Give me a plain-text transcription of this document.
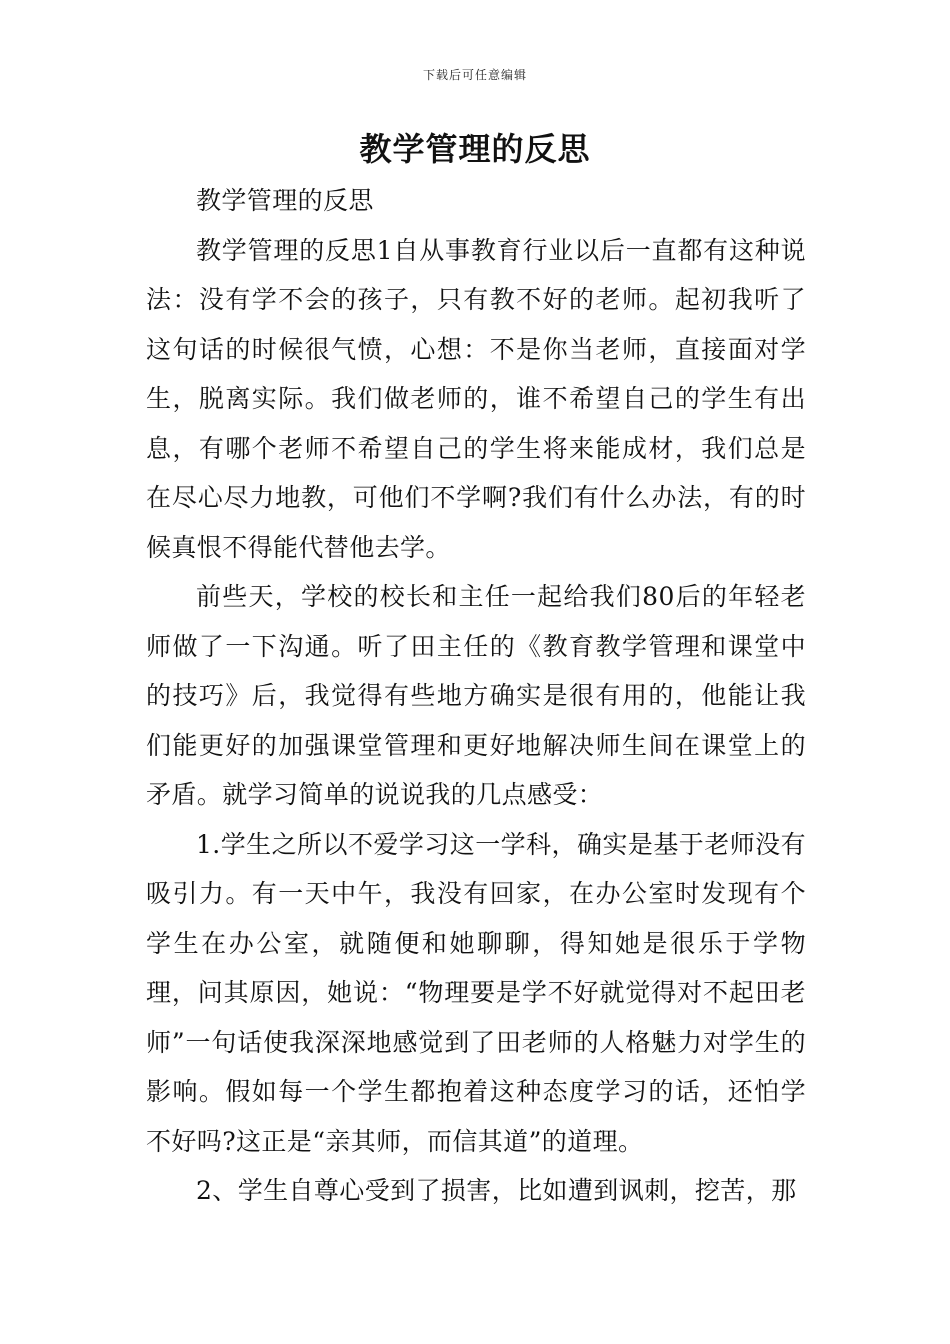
下载后可任意编辑
教学管理的反思

教学管理的反思

教学管理的反思1自从事教育行业以后一直都有这种说法：没有学不会的孩子，只有教不好的老师。起初我听了这句话的时候很气愤，心想：不是你当老师，直接面对学生，脱离实际。我们做老师的，谁不希望自己的学生有出息，有哪个老师不希望自己的学生将来能成材，我们总是在尽心尽力地教，可他们不学啊?我们有什么办法，有的时候真恨不得能代替他去学。

前些天，学校的校长和主任一起给我们80后的年轻老师做了一下沟通。听了田主任的《教育教学管理和课堂中的技巧》后，我觉得有些地方确实是很有用的，他能让我们能更好的加强课堂管理和更好地解决师生间在课堂上的矛盾。就学习简单的说说我的几点感受：

1.学生之所以不爱学习这一学科，确实是基于老师没有吸引力。有一天中午，我没有回家，在办公室时发现有个学生在办公室，就随便和她聊聊，得知她是很乐于学物理，问其原因，她说：“物理要是学不好就觉得对不起田老师”一句话使我深深地感觉到了田老师的人格魅力对学生的影响。假如每一个学生都抱着这种态度学习的话，还怕学不好吗?这正是“亲其师，而信其道”的道理。

2、学生自尊心受到了损害，比如遭到讽刺，挖苦，那
